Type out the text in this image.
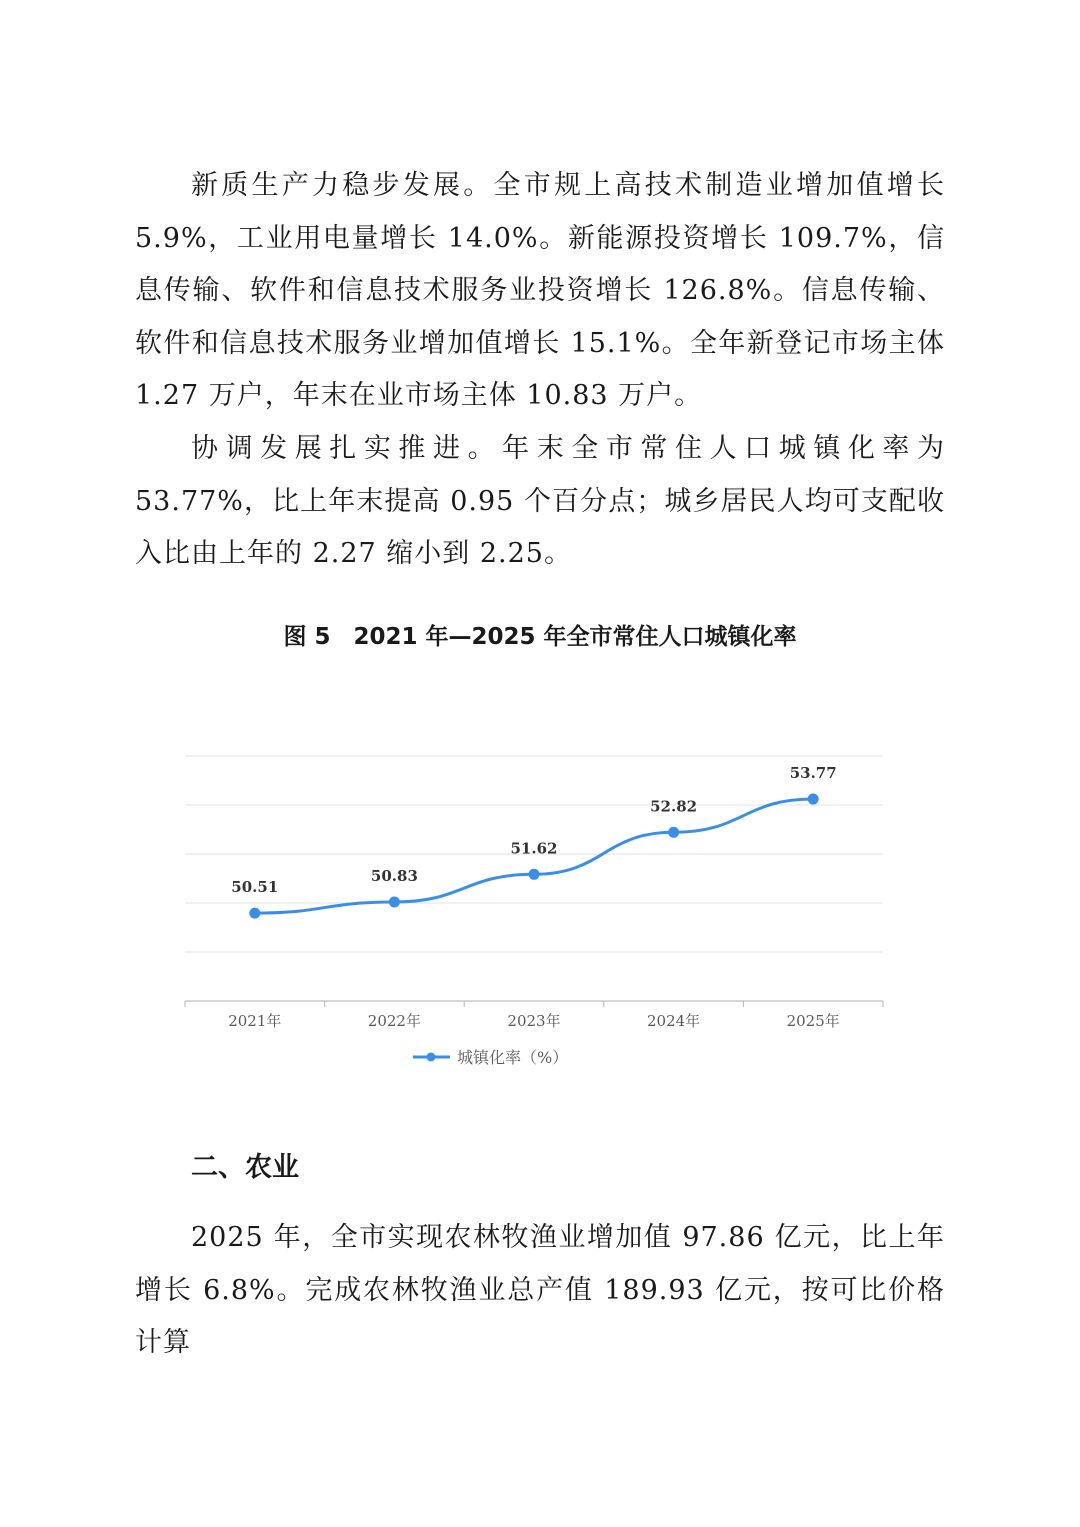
新质生产力稳步发展。全市规上高技术制造业增加值增长5.9%，工业用电量增长 14.0%。新能源投资增长 109.7%，信息传输、软件和信息技术服务业投资增长 126.8%。信息传输、软件和信息技术服务业增加值增长 15.1%。全年新登记市场主体 1.27 万户，年末在业市场主体 10.83 万户。

协调发展扎实推进。年末全市常住人口城镇化率为 53.77%，比上年末提高 0.95 个百分点；城乡居民人均可支配收入比由上年的 2.27 缩小到 2.25。

图 5　2021 年—2025 年全市常住人口城镇化率

2021年	2022年	2023年	2024年	2025年
50.51
50.83
51.62
52.82
53.77
城镇化率（%）
二、农业

2025 年，全市实现农林牧渔业增加值 97.86 亿元，比上年增长 6.8%。完成农林牧渔业总产值 189.93 亿元，按可比价格计算
